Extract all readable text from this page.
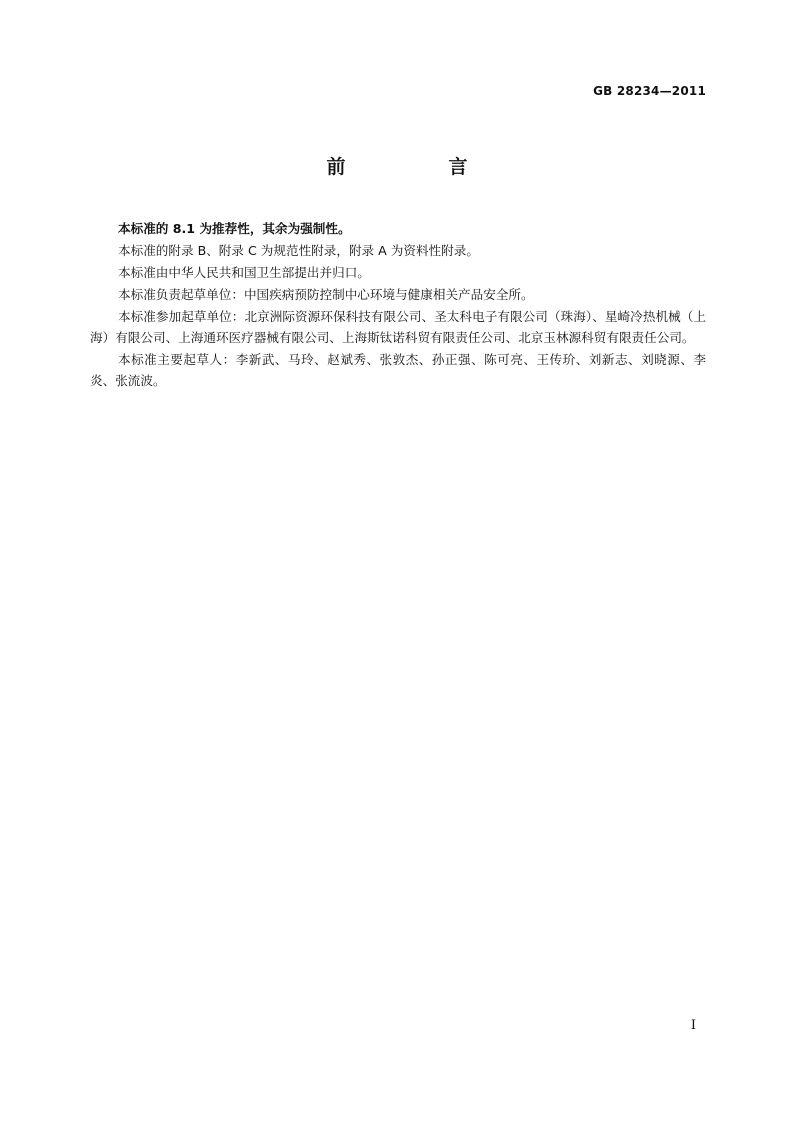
GB 28234—2011
前　言

本标准的 8.1 为推荐性，其余为强制性。

本标准的附录 B、附录 C 为规范性附录，附录 A 为资料性附录。

本标准由中华人民共和国卫生部提出并归口。

本标准负责起草单位：中国疾病预防控制中心环境与健康相关产品安全所。

本标准参加起草单位：北京洲际资源环保科技有限公司、圣太科电子有限公司（珠海）、星崎冷热机械（上海）有限公司、上海通环医疗器械有限公司、上海斯钛诺科贸有限责任公司、北京玉林源科贸有限责任公司。

本标准主要起草人：李新武、马玲、赵斌秀、张敦杰、孙正强、陈可亮、王传玠、刘新志、刘晓源、李炎、张流波。

I
